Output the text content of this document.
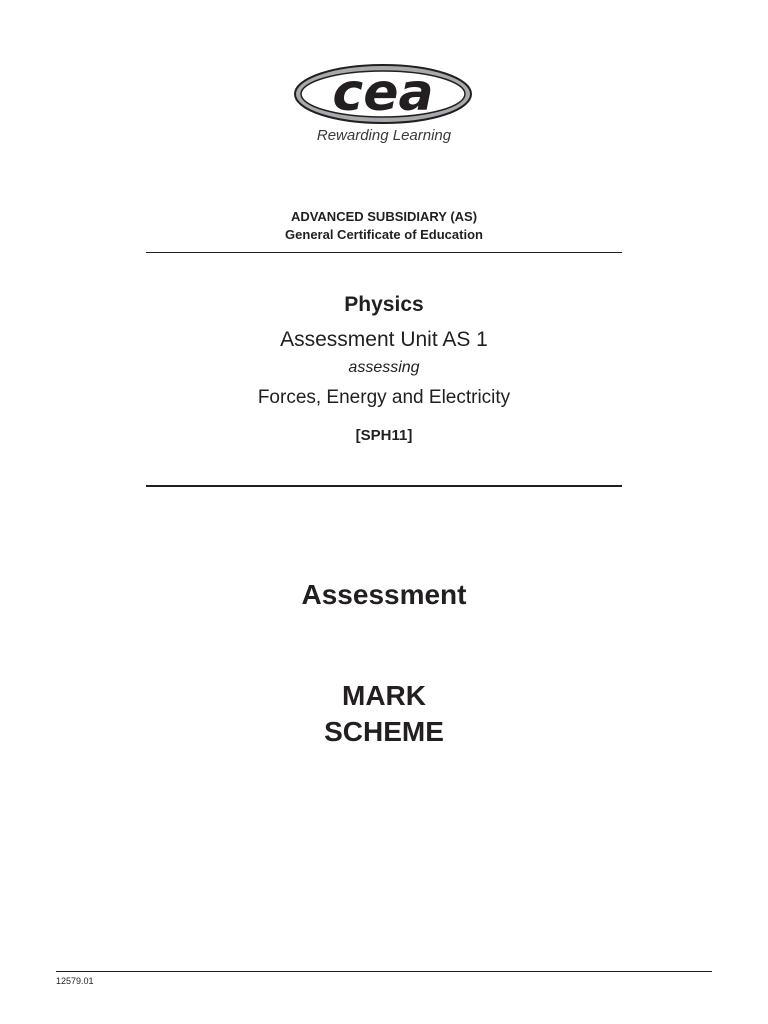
cea
Rewarding Learning
ADVANCED SUBSIDIARY (AS)
General Certificate of Education
Physics
Assessment Unit AS 1
assessing
Forces, Energy and Electricity
[SPH11]
Assessment
MARK
SCHEME
12579.01
